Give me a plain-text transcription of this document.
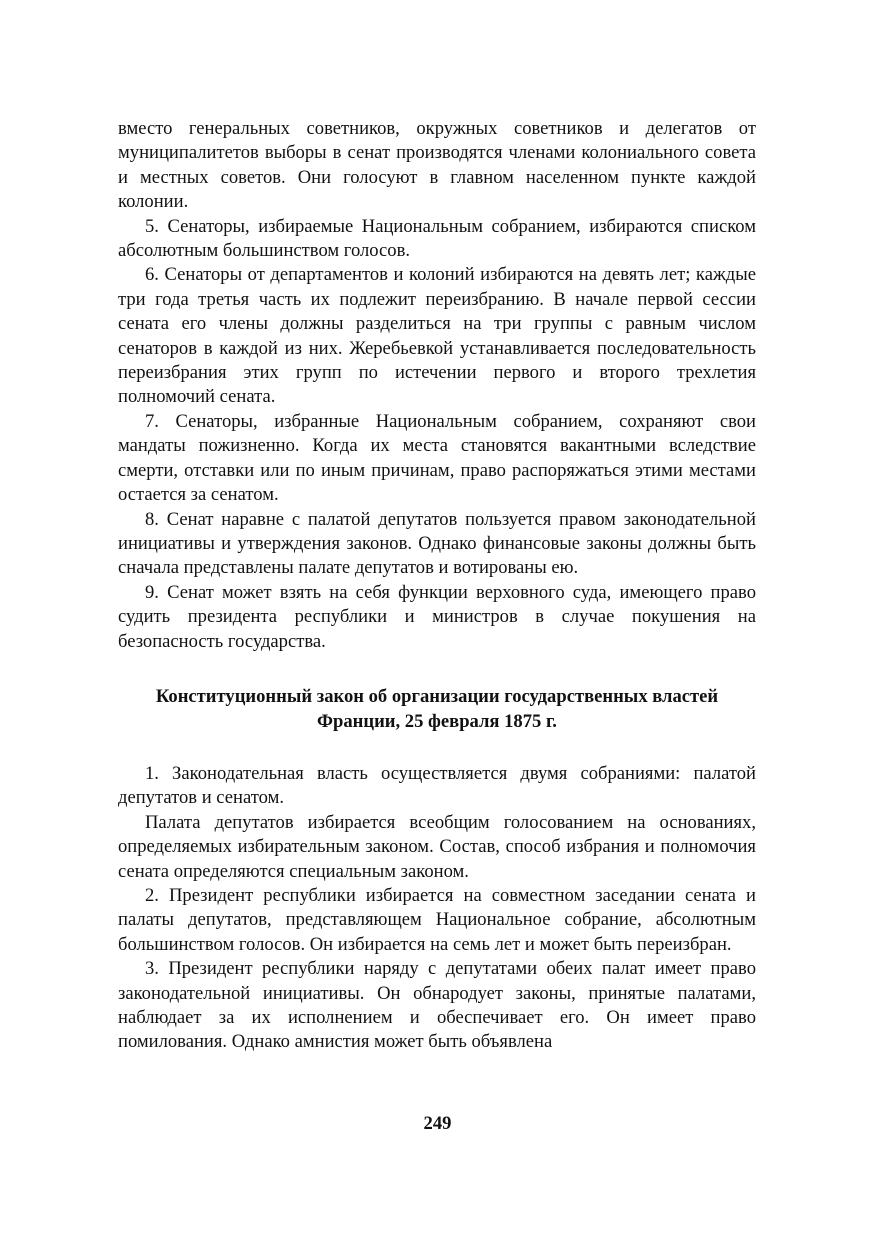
вместо генеральных советников, окружных советников и делегатов от муниципалитетов выборы в сенат производятся членами колониального совета и местных советов. Они голосуют в главном населенном пункте каждой колонии.

5. Сенаторы, избираемые Национальным собранием, избираются списком абсолютным большинством голосов.

6. Сенаторы от департаментов и колоний избираются на девять лет; каждые три года третья часть их подлежит переизбранию. В начале первой сессии сената его члены должны разделиться на три группы с равным числом сенаторов в каждой из них. Жеребьевкой устанавливается последовательность переизбрания этих групп по истечении первого и второго трехлетия полномочий сената.

7. Сенаторы, избранные Национальным собранием, сохраняют свои мандаты пожизненно. Когда их места становятся вакантными вследствие смерти, отставки или по иным причинам, право распоряжаться этими местами остается за сенатом.

8. Сенат наравне с палатой депутатов пользуется правом законодательной инициативы и утверждения законов. Однако финансовые законы должны быть сначала представлены палате депутатов и вотированы ею.

9. Сенат может взять на себя функции верховного суда, имеющего право судить президента республики и министров в случае покушения на безопасность государства.

Конституционный закон об организации государственных властей
Франции, 25 февраля 1875 г.

1. Законодательная власть осуществляется двумя собраниями: палатой депутатов и сенатом.

Палата депутатов избирается всеобщим голосованием на основаниях, определяемых избирательным законом. Состав, способ избрания и полномочия сената определяются специальным законом.

2. Президент республики избирается на совместном заседании сената и палаты депутатов, представляющем Национальное собрание, абсолютным большинством голосов. Он избирается на семь лет и может быть переизбран.

3. Президент республики наряду с депутатами обеих палат имеет право законодательной инициативы. Он обнародует законы, принятые палатами, наблюдает за их исполнением и обеспечивает его. Он имеет право помилования. Однако амнистия может быть объявлена

249
